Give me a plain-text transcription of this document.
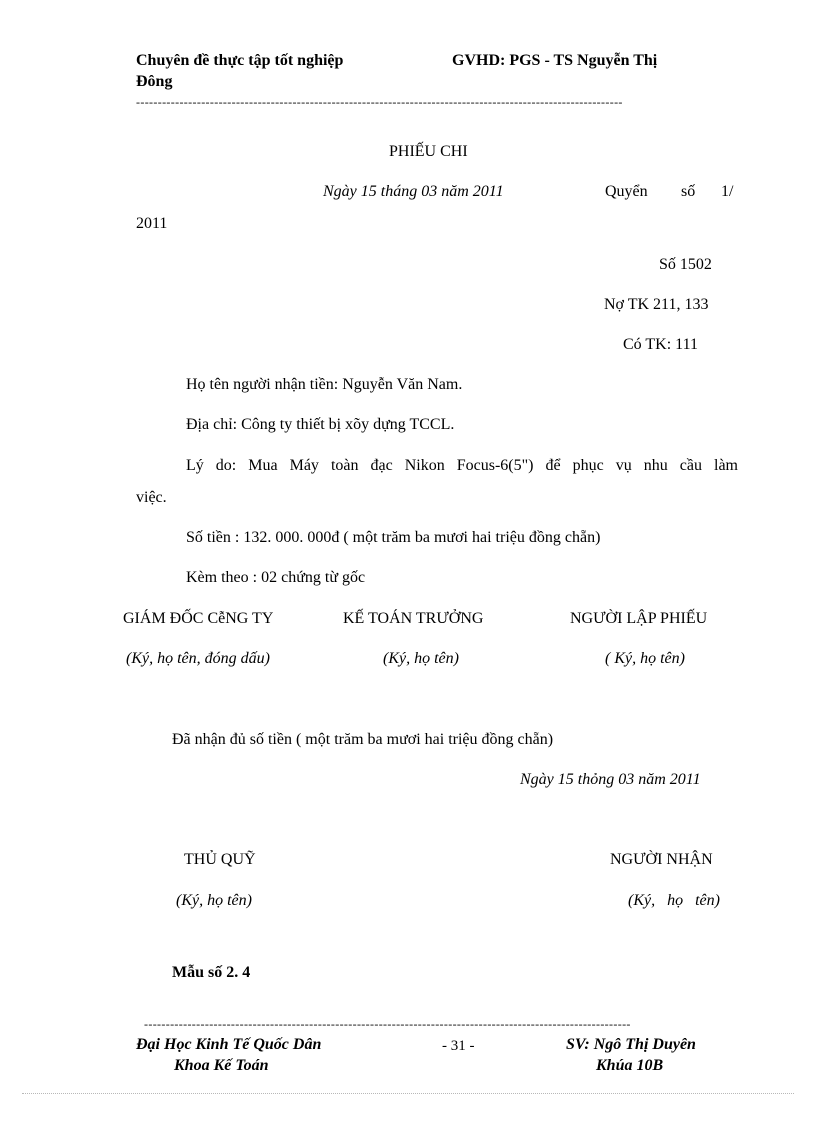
Chuyên đề thực tập tốt nghiệp	GVHD: PGS - TS Nguyễn Thị
Đông
----------------------------------------------------------------------------------------------------------------
PHIẾU CHI
Ngày 15 tháng 03 năm 2011	Quyển số 1/
2011
Số 1502
Nợ TK 211, 133
Có TK: 111
Họ tên người nhận tiền: Nguyễn Văn Nam.
Địa chỉ: Công ty thiết bị xõy dựng TCCL.
Lý do: Mua Máy toàn đạc Nikon Focus-6(5") để phục vụ nhu cầu làm
việc.
Số tiền : 132. 000. 000đ ( một trăm ba mươi hai triệu đồng chẵn)
Kèm theo : 02 chứng từ gốc
GIÁM ĐỐC CễNG TY	KẾ TOÁN TRƯỞNG	NGƯỜI LẬP PHIẾU
(Ký, họ tên, đóng dấu)	(Ký, họ tên)	( Ký, họ tên)
Đã nhận đủ số tiền ( một trăm ba mươi hai triệu đồng chẵn)
Ngày 15 thỏng 03 năm 2011
THỦ QUỸ	NGƯỜI NHẬN
(Ký, họ tên)	(Ký,   họ   tên)
Mẫu số 2. 4
----------------------------------------------------------------------------------------------------------------
Đại Học Kinh Tế Quốc Dân
Khoa Kế Toán
- 31 -	SV: Ngô Thị Duyên
Khúa 10B
